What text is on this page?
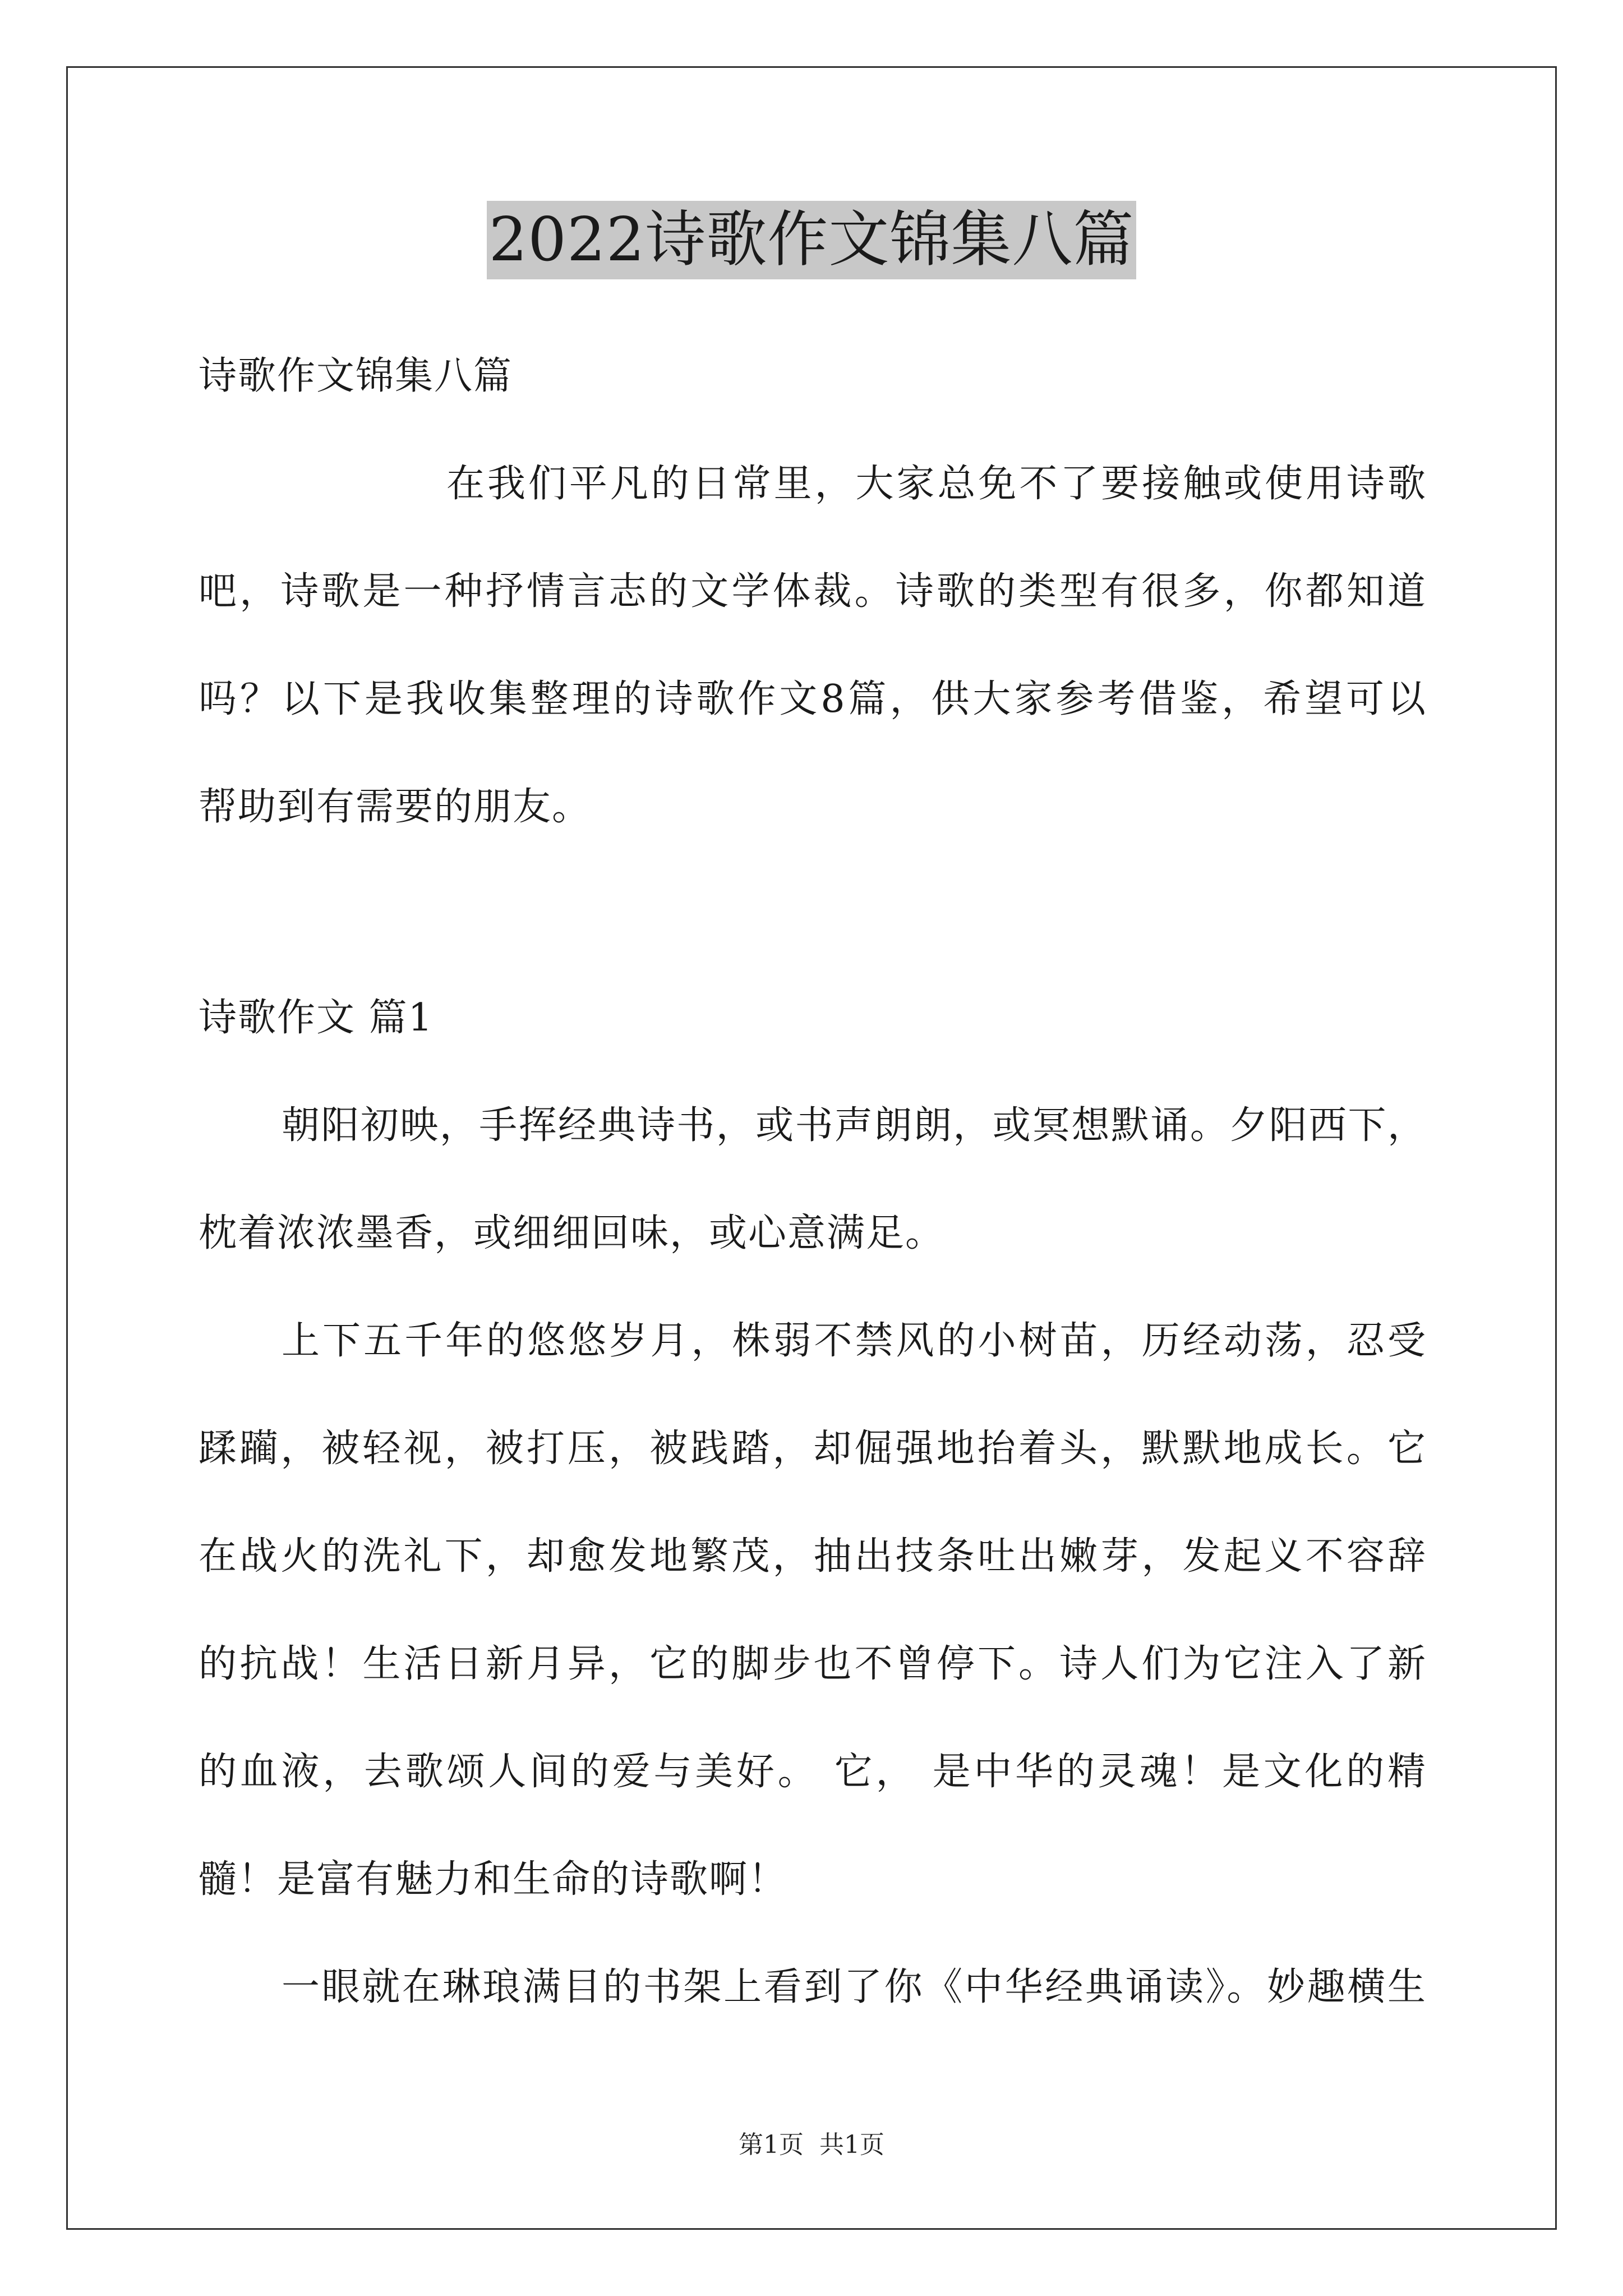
2022诗歌作文锦集八篇
诗歌作文锦集八篇
在我们平凡的日常里，大家总免不了要接触或使用诗歌
吧，诗歌是一种抒情言志的文学体裁。诗歌的类型有很多，你都知道
吗？以下是我收集整理的诗歌作文8篇，供大家参考借鉴，希望可以
帮助到有需要的朋友。
诗歌作文 篇1
朝阳初映，手挥经典诗书，或书声朗朗，或冥想默诵。夕阳西下，
枕着浓浓墨香，或细细回味，或心意满足。
上下五千年的悠悠岁月，株弱不禁风的小树苗，历经动荡，忍受
蹂躏，被轻视，被打压，被践踏，却倔强地抬着头，默默地成长。它
在战火的洗礼下，却愈发地繁茂，抽出技条吐出嫩芽，发起义不容辞
的抗战！生活日新月异，它的脚步也不曾停下。诗人们为它注入了新
的血液，去歌颂人间的爱与美好。 它， 是中华的灵魂！是文化的精
髓！是富有魅力和生命的诗歌啊！
一眼就在琳琅满目的书架上看到了你《中华经典诵读》。妙趣横生
第1页 共1页
